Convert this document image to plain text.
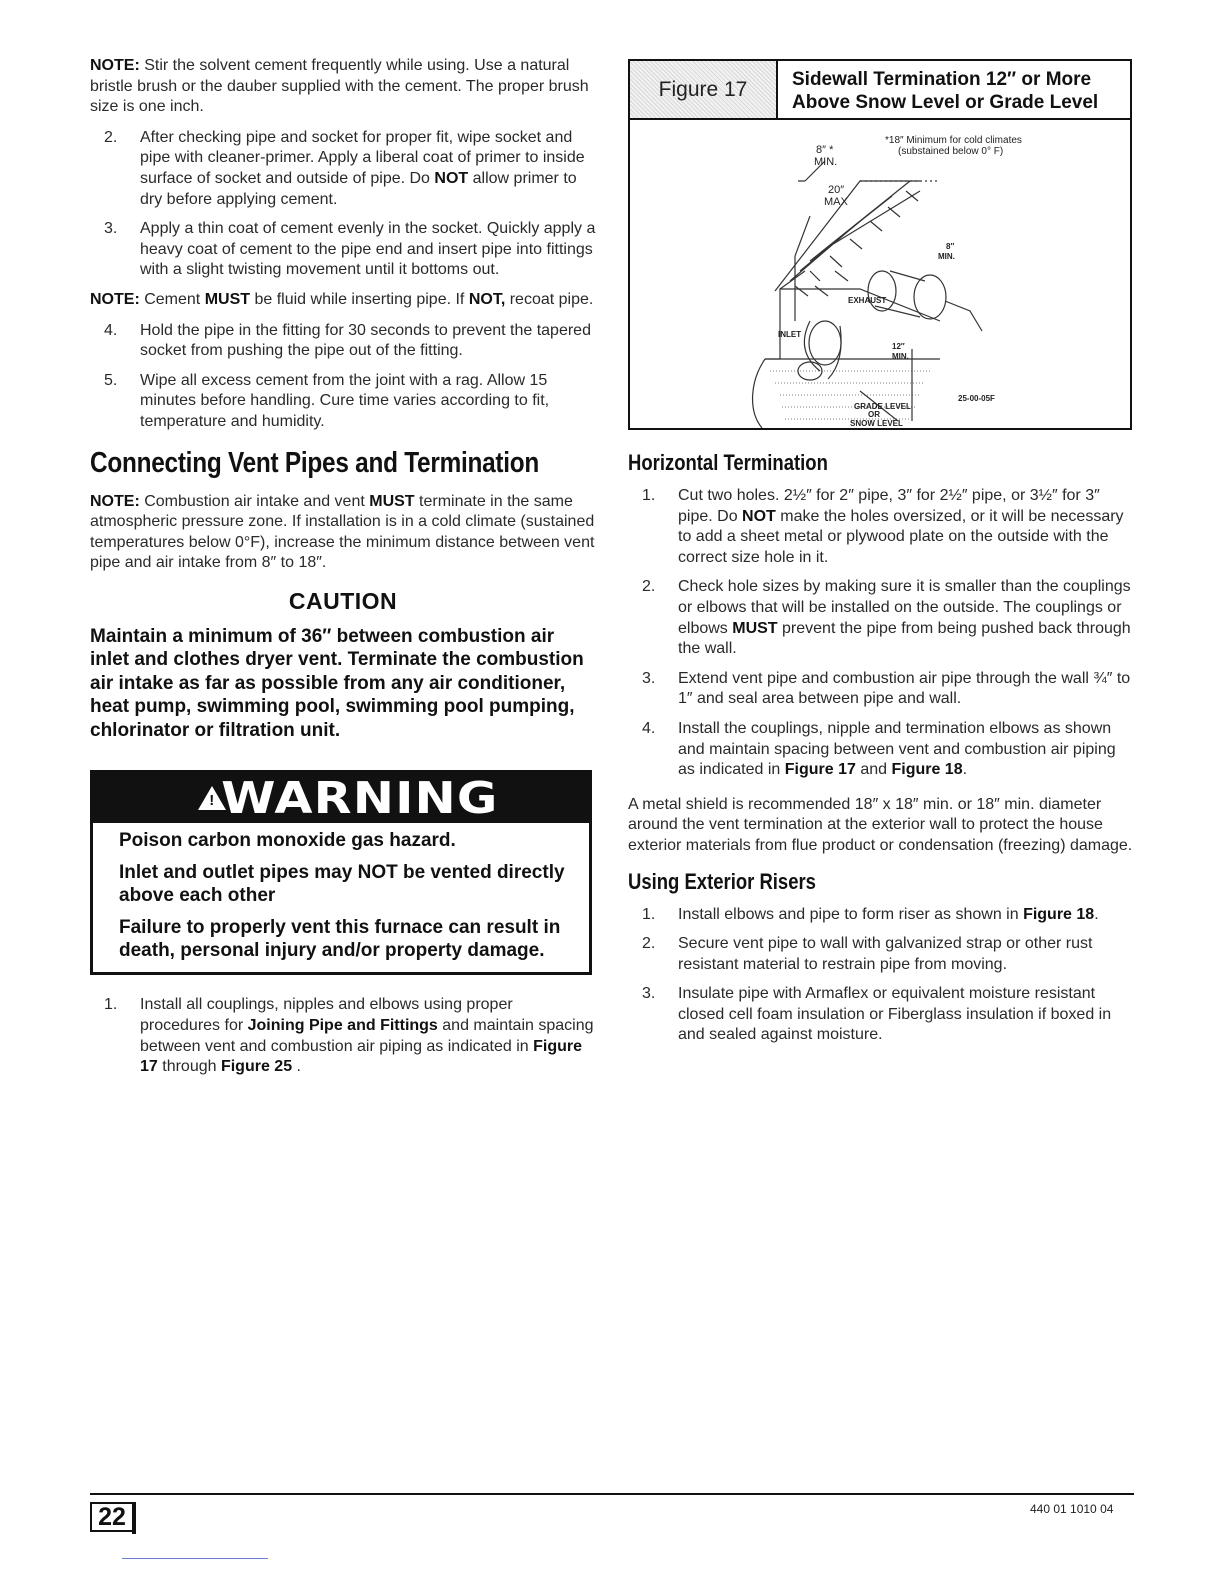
NOTE: Stir the solvent cement frequently while using. Use a natural bristle brush or the dauber supplied with the cement. The proper brush size is one inch.

2. After checking pipe and socket for proper fit, wipe socket and pipe with cleaner-primer. Apply a liberal coat of primer to inside surface of socket and outside of pipe. Do NOT allow primer to dry before applying cement.
3. Apply a thin coat of cement evenly in the socket. Quickly apply a heavy coat of cement to the pipe end and insert pipe into fittings with a slight twisting movement until it bottoms out.

NOTE: Cement MUST be fluid while inserting pipe. If NOT, recoat pipe.

4. Hold the pipe in the fitting for 30 seconds to prevent the tapered socket from pushing the pipe out of the fitting.
5. Wipe all excess cement from the joint with a rag. Allow 15 minutes before handling. Cure time varies according to fit, temperature and humidity.
Connecting Vent Pipes and Termination

NOTE: Combustion air intake and vent MUST terminate in the same atmospheric pressure zone. If installation is in a cold climate (sustained temperatures below 0°F), increase the minimum distance between vent pipe and air intake from 8″ to 18″.

CAUTION

Maintain a minimum of 36″ between combustion air inlet and clothes dryer vent. Terminate the combustion air intake as far as possible from any air conditioner, heat pump, swimming pool, swimming pool pumping, chlorinator or filtration unit.

! WARNING

Poison carbon monoxide gas hazard.

Inlet and outlet pipes may NOT be vented directly above each other

Failure to properly vent this furnace can result in death, personal injury and/or property damage.

1. Install all couplings, nipples and elbows using proper procedures for Joining Pipe and Fittings and maintain spacing between vent and combustion air piping as indicated in Figure 17 through Figure 25 .
Figure 17	Sidewall Termination 12″ or More
Above Snow Level or Grade Level
8″ *
MIN.
*18″ Minimum for cold climates
(substained below 0° F)
20″
MAX
8″
MIN.
EXHAUST
INLET
12″
MIN.
GRADE LEVEL
OR
SNOW LEVEL
25-00-05F
Horizontal Termination
1. Cut two holes. 2½″ for 2″ pipe, 3″ for 2½″ pipe, or 3½″ for 3″ pipe. Do NOT make the holes oversized, or it will be necessary to add a sheet metal or plywood plate on the outside with the correct size hole in it.
2. Check hole sizes by making sure it is smaller than the couplings or elbows that will be installed on the outside. The couplings or elbows MUST prevent the pipe from being pushed back through the wall.
3. Extend vent pipe and combustion air pipe through the wall ¾″ to 1″ and seal area between pipe and wall.
4. Install the couplings, nipple and termination elbows as shown and maintain spacing between vent and combustion air piping as indicated in Figure 17 and Figure 18.

A metal shield is recommended 18″ x 18″ min. or 18″ min. diameter around the vent termination at the exterior wall to protect the house exterior materials from flue product or condensation (freezing) damage.

Using Exterior Risers
1. Install elbows and pipe to form riser as shown in Figure 18.
2. Secure vent pipe to wall with galvanized strap or other rust resistant material to restrain pipe from moving.
3. Insulate pipe with Armaflex or equivalent moisture resistant closed cell foam insulation or Fiberglass insulation if boxed in and sealed against moisture.
22	440 01 1010 04
